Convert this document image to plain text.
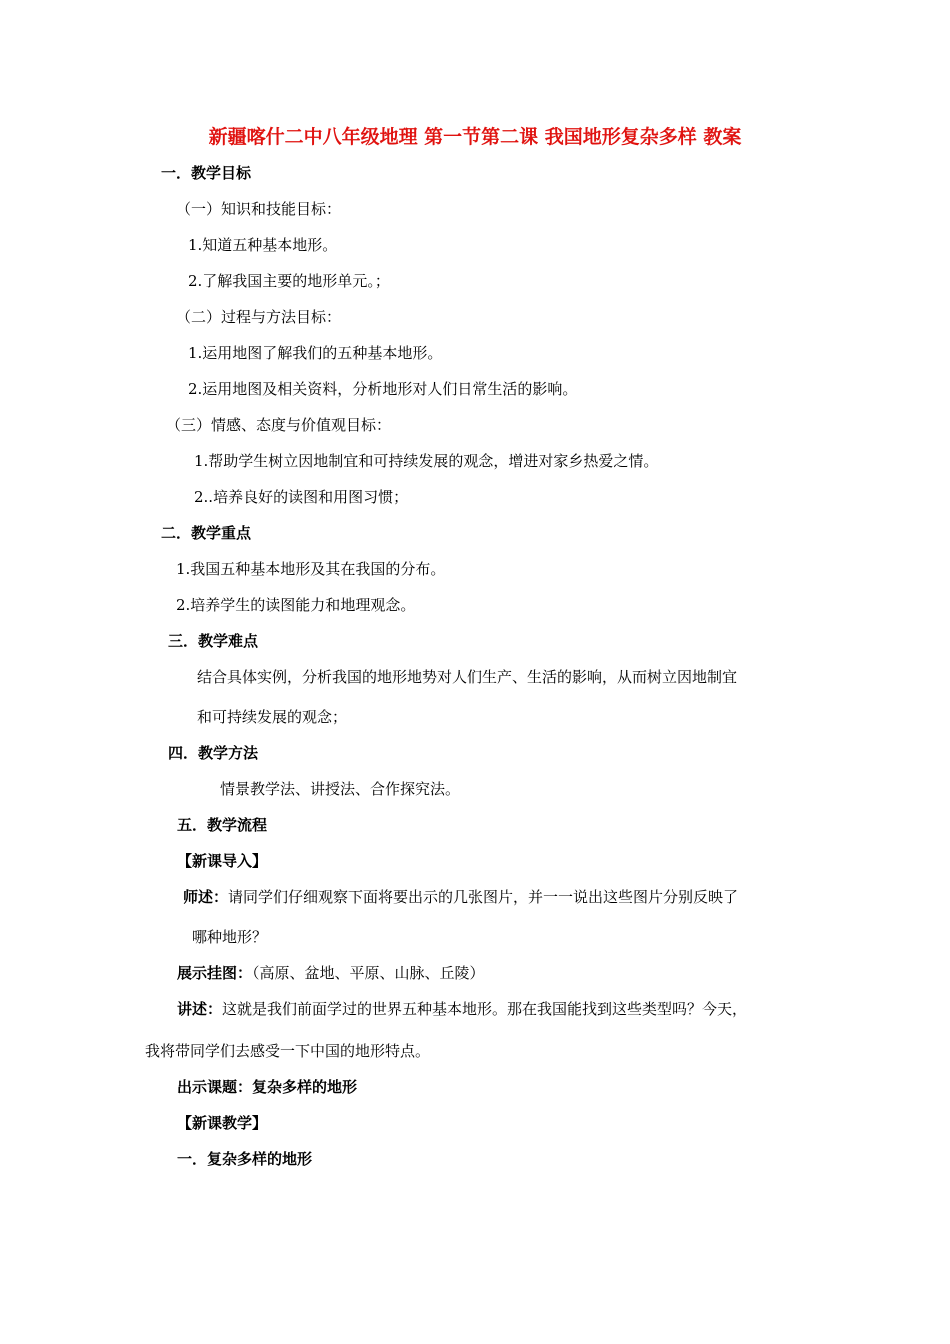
新疆喀什二中八年级地理 第一节第二课 我国地形复杂多样 教案
一．教学目标
（一）知识和技能目标：
1.知道五种基本地形。
2.了解我国主要的地形单元。；
（二）过程与方法目标：
1.运用地图了解我们的五种基本地形。
2.运用地图及相关资料，分析地形对人们日常生活的影响。
（三）情感、态度与价值观目标：
1.帮助学生树立因地制宜和可持续发展的观念，增进对家乡热爱之情。
2..培养良好的读图和用图习惯；
二．教学重点
1.我国五种基本地形及其在我国的分布。
2.培养学生的读图能力和地理观念。
三．教学难点
结合具体实例，分析我国的地形地势对人们生产、生活的影响，从而树立因地制宜
和可持续发展的观念；
四．教学方法
情景教学法、讲授法、合作探究法。
五．教学流程
【新课导入】
师述：请同学们仔细观察下面将要出示的几张图片，并一一说出这些图片分别反映了
哪种地形？
展示挂图：（高原、盆地、平原、山脉、丘陵）
讲述：这就是我们前面学过的世界五种基本地形。那在我国能找到这些类型吗？今天，
我将带同学们去感受一下中国的地形特点。
出示课题：复杂多样的地形
【新课教学】
一．复杂多样的地形
